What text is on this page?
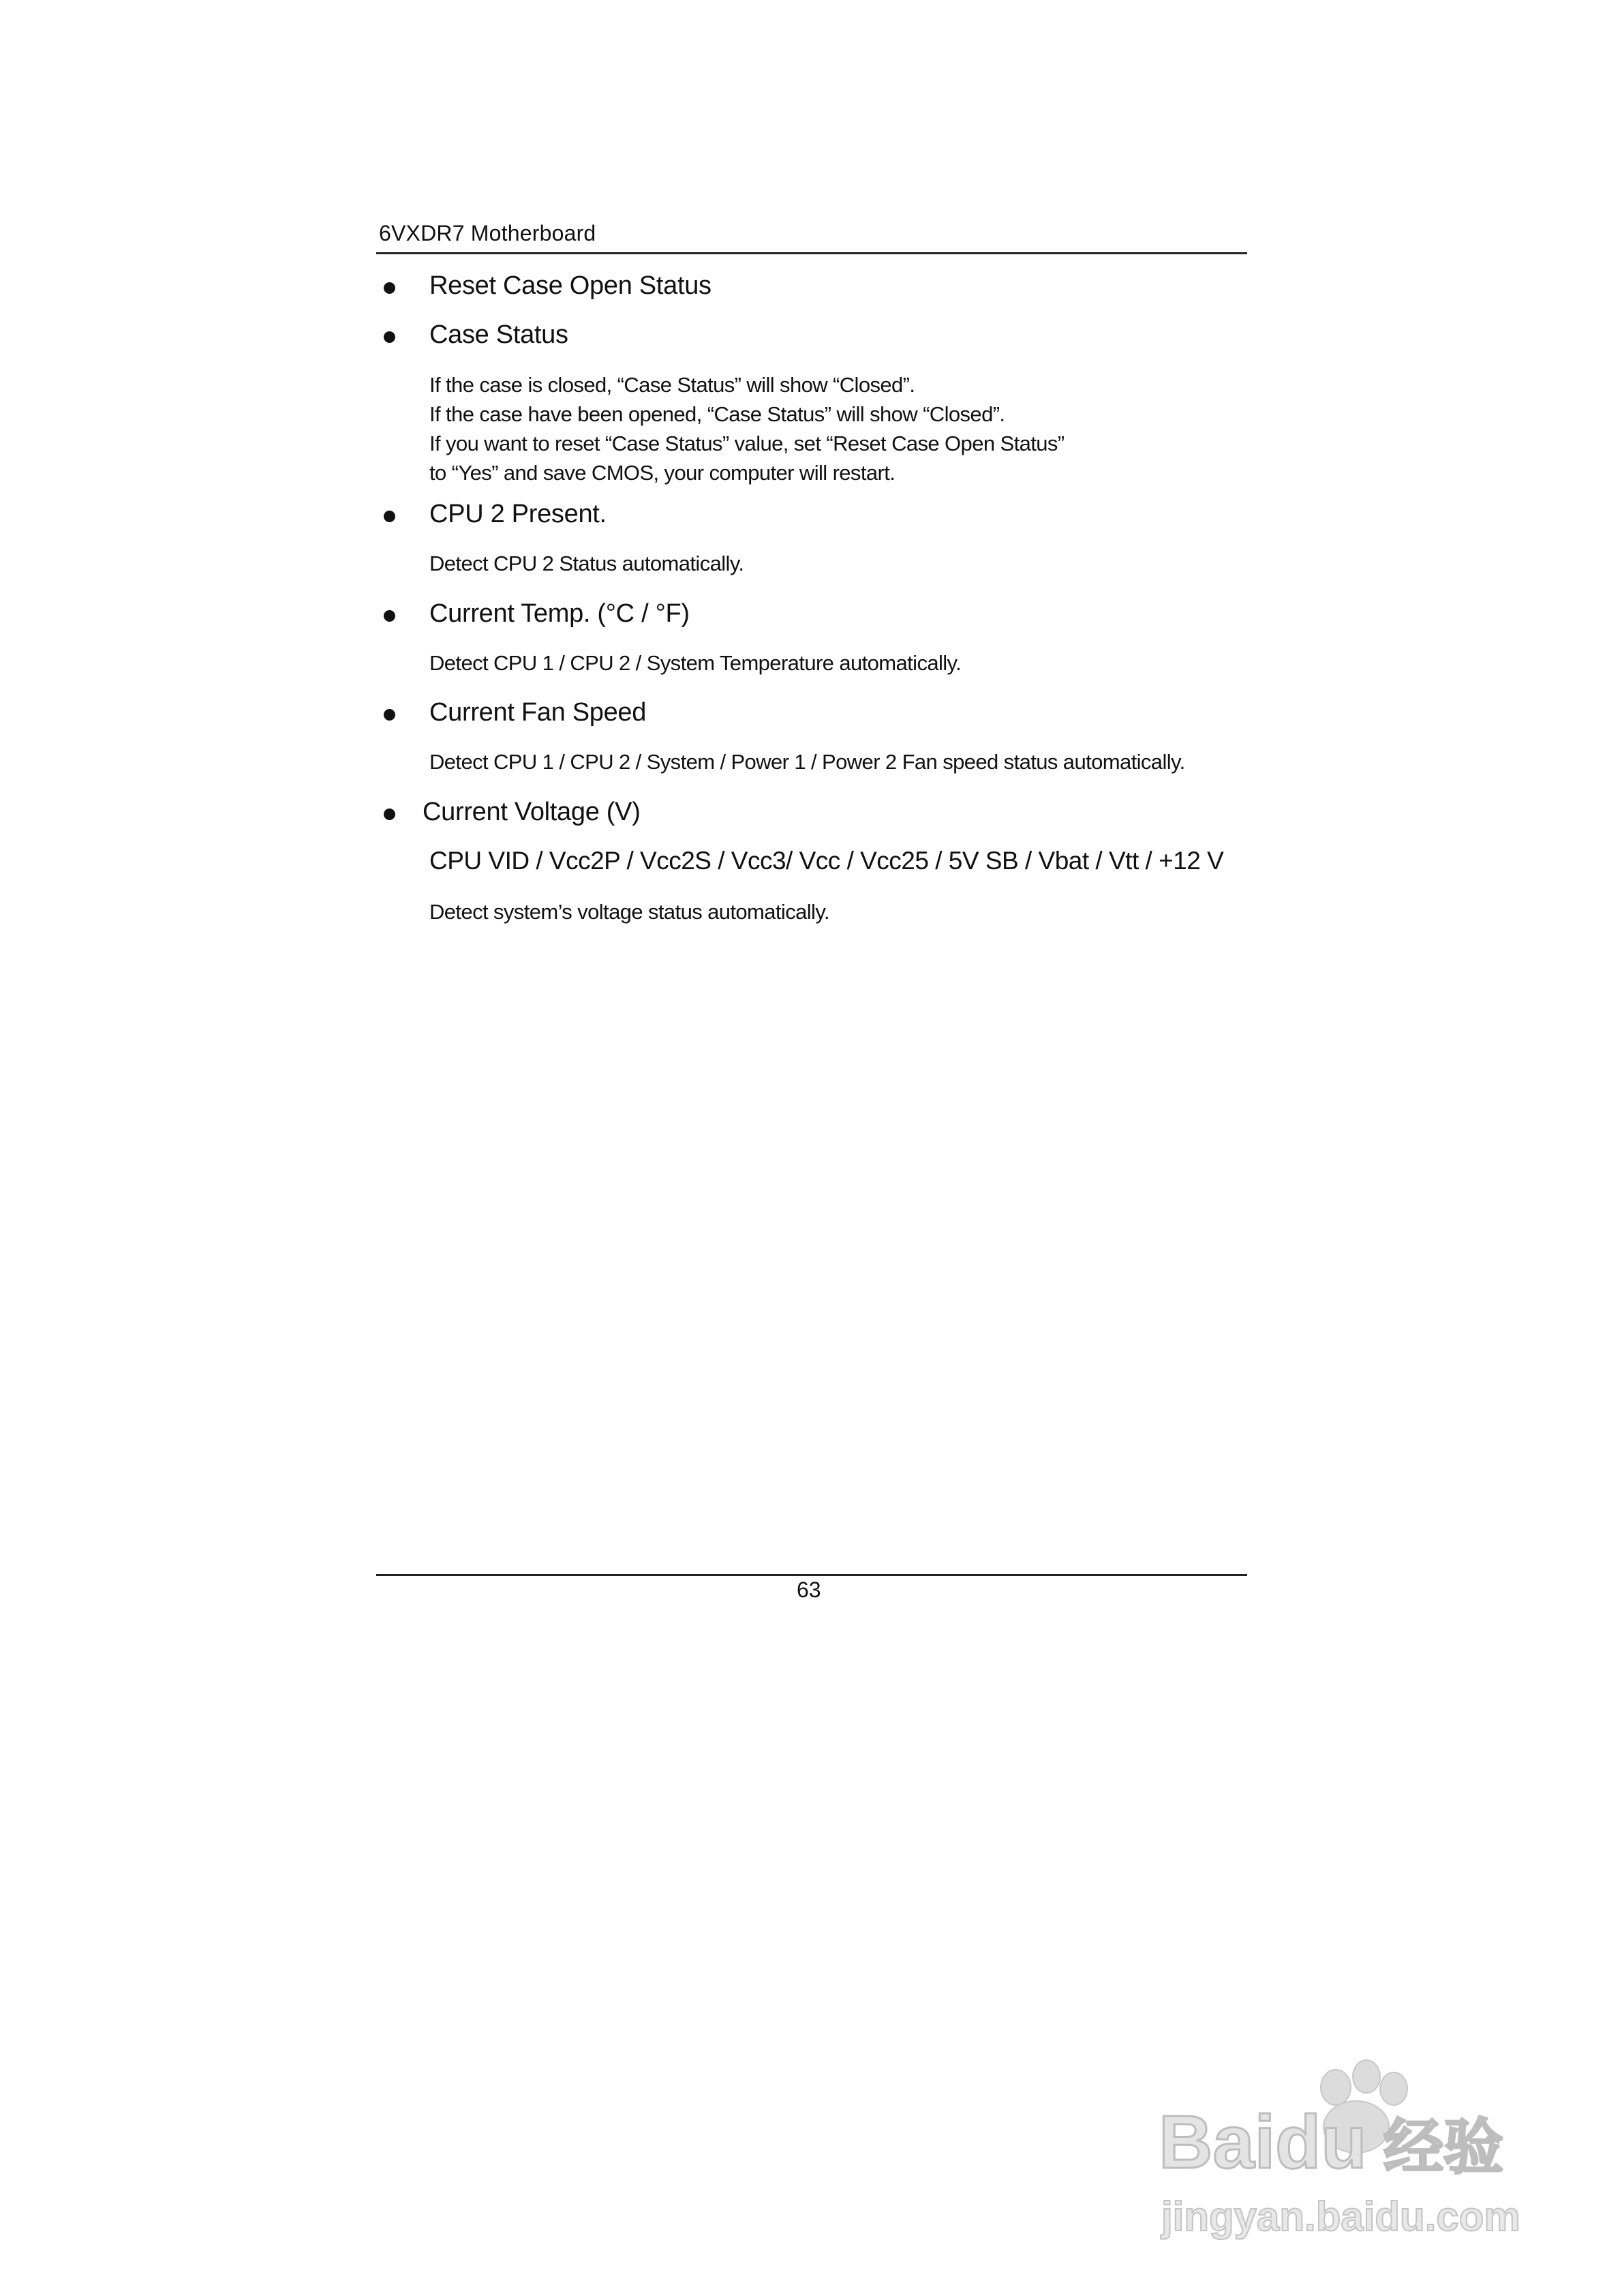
6VXDR7 Motherboard
Reset Case Open Status
Case Status
If the case is closed, “Case Status” will show “Closed”.
If the case have been opened, “Case Status” will show “Closed”.
If you want to reset “Case Status” value, set “Reset Case Open Status”
to “Yes” and save CMOS, your computer will restart.
CPU 2 Present.
Detect CPU 2 Status automatically.
Current Temp. (°C / °F)
Detect CPU 1 / CPU 2 / System Temperature automatically.
Current Fan Speed
Detect CPU 1 / CPU 2 / System / Power 1 / Power 2 Fan speed status automatically.
Current Voltage (V)
CPU VID / Vcc2P / Vcc2S / Vcc3/ Vcc / Vcc25 / 5V SB / Vbat / Vtt / +12 V
Detect system’s voltage status automatically.
63
Baidu 经验
jingyan.baidu.com
